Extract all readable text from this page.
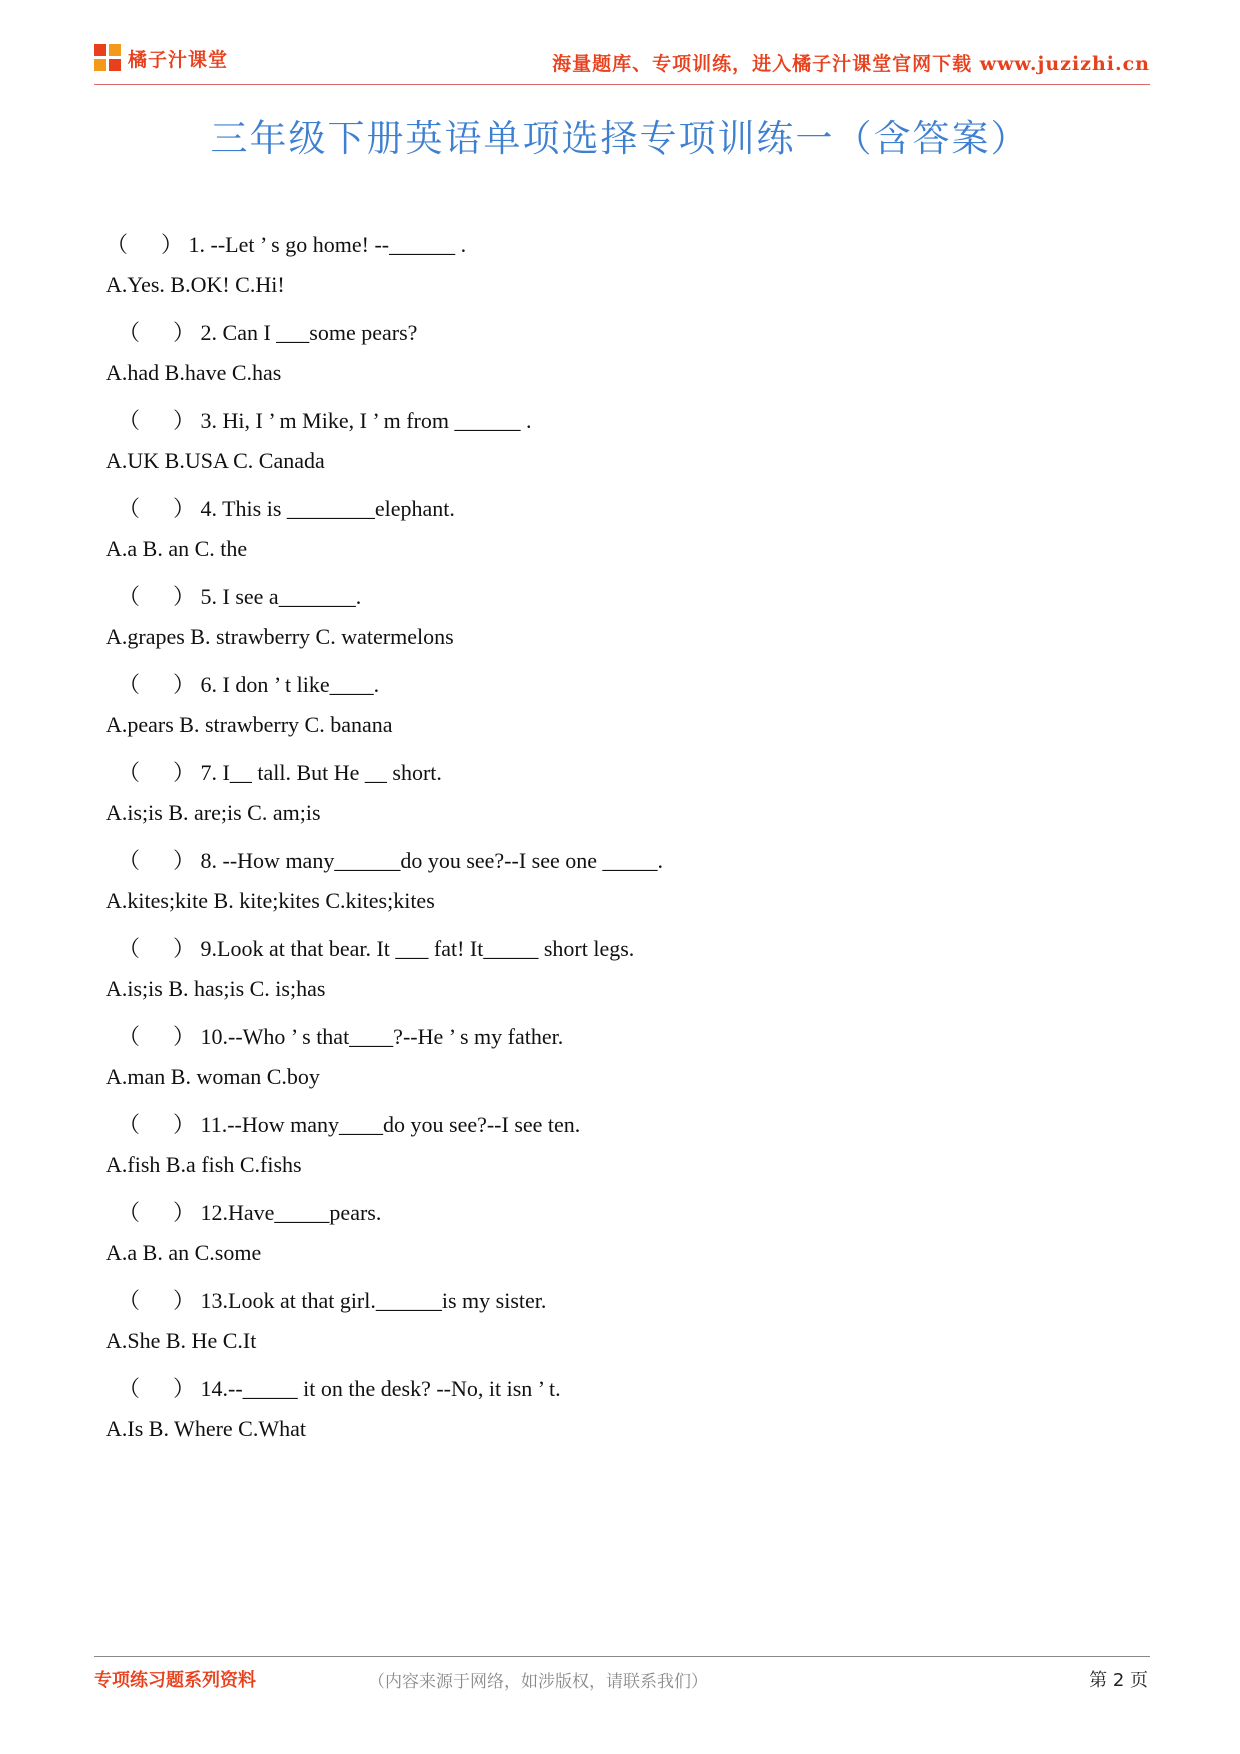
橘子汁课堂	海量题库、专项训练，进入橘子汁课堂官网下载 www.juzizhi.cn
三年级下册英语单项选择专项训练一（含答案）
（      ） 1. --Let ’ s go home! --______ .
A.Yes. B.OK! C.Hi!
（      ） 2. Can I ___some pears?
A.had B.have C.has
（      ） 3. Hi, I ’ m Mike, I ’ m from ______ .
A.UK B.USA C. Canada
（      ） 4. This is ________elephant.
A.a B. an C. the
（      ） 5. I see a_______.
A.grapes B. strawberry C. watermelons
（      ） 6. I don ’ t like____.
A.pears B. strawberry C. banana
（      ） 7. I__ tall. But He __ short.
A.is;is B. are;is C. am;is
（      ） 8. --How many______do you see?--I see one _____.
A.kites;kite B. kite;kites C.kites;kites
（      ） 9.Look at that bear. It ___ fat! It_____ short legs.
A.is;is B. has;is C. is;has
（      ） 10.--Who ’ s that____?--He ’ s my father.
A.man B. woman C.boy
（      ） 11.--How many____do you see?--I see ten.
A.fish B.a fish C.fishs
（      ） 12.Have_____pears.
A.a B. an C.some
（      ） 13.Look at that girl.______is my sister.
A.She B. He C.It
（      ） 14.--_____ it on the desk? --No, it isn ’ t.
A.Is B. Where C.What
专项练习题系列资料	（内容来源于网络，如涉版权，请联系我们）	第 2 页
